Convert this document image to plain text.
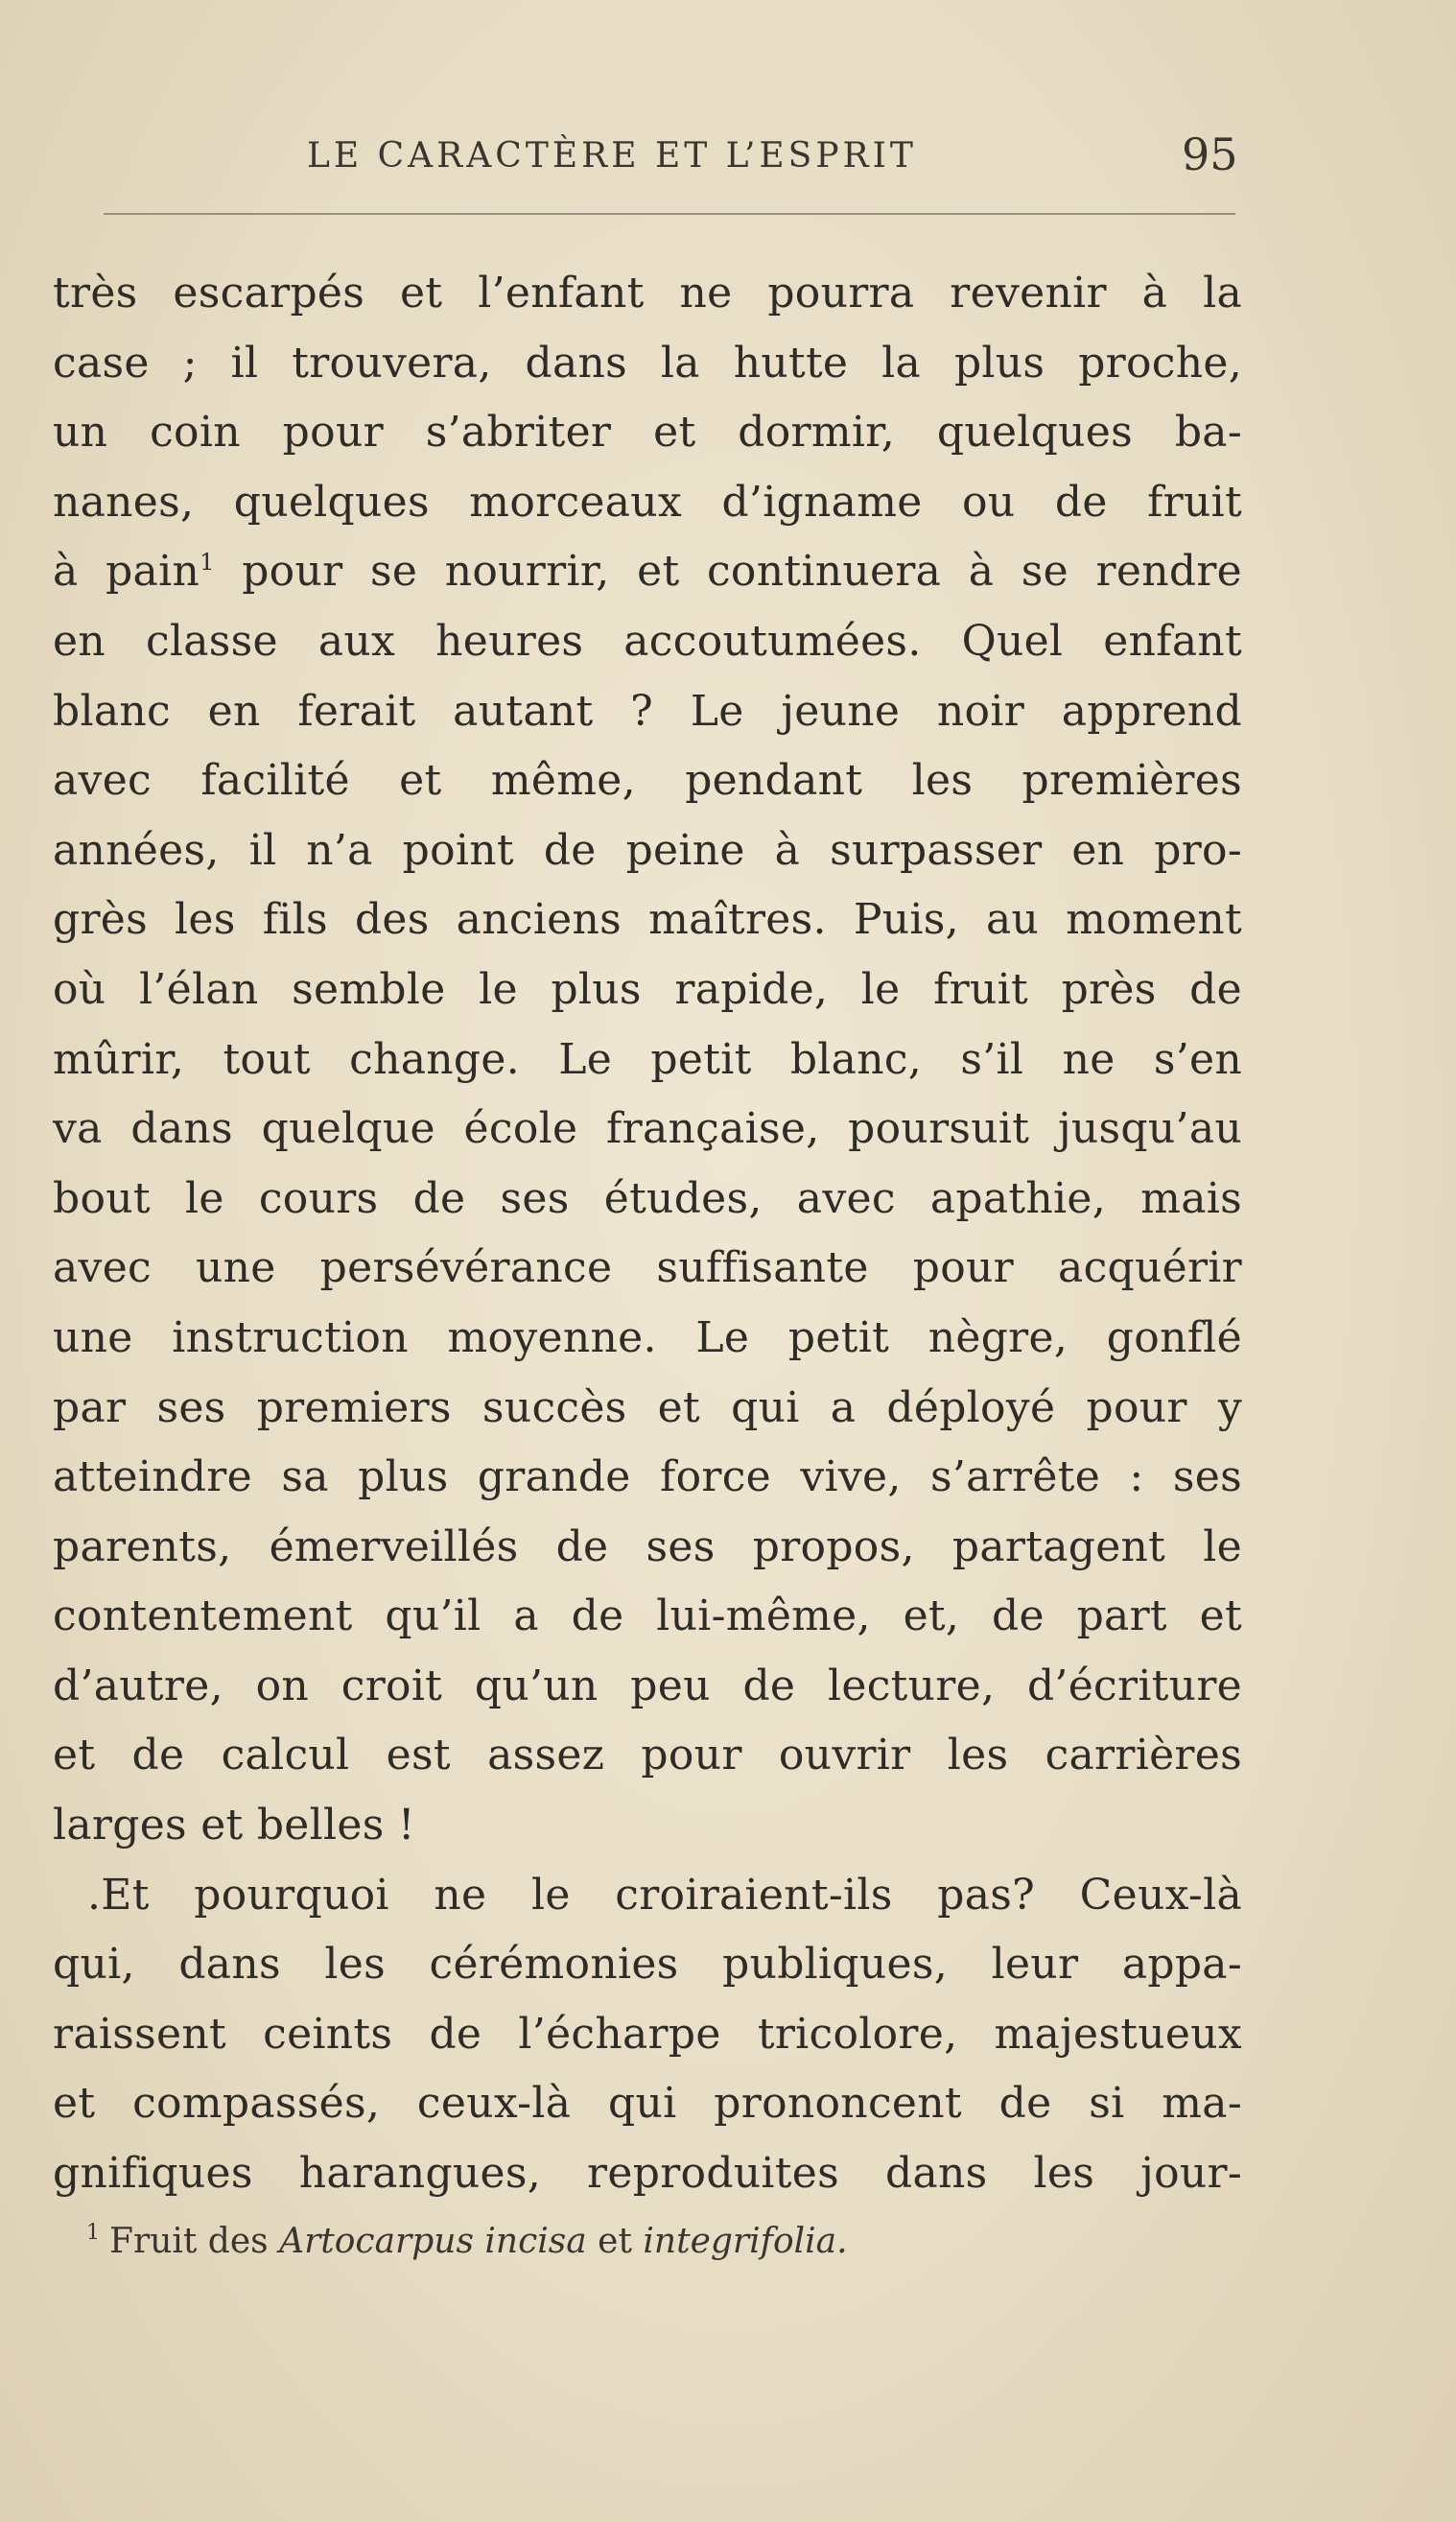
LE CARACTÈRE ET L’ESPRIT	95
très escarpés et l’enfant ne pourra revenir à la
case ; il trouvera, dans la hutte la plus proche,
un coin pour s’abriter et dormir, quelques ba-
nanes, quelques morceaux d’igname ou de fruit
à pain$^1$ pour se nourrir, et continuera à se rendre
en classe aux heures accoutumées. Quel enfant
blanc en ferait autant ? Le jeune noir apprend
avec facilité et même, pendant les premières
années, il n’a point de peine à surpasser en pro-
grès les fils des anciens maîtres. Puis, au moment
où l’élan semble le plus rapide, le fruit près de
mûrir, tout change. Le petit blanc, s’il ne s’en
va dans quelque école française, poursuit jusqu’au
bout le cours de ses études, avec apathie, mais
avec une persévérance suffisante pour acquérir
une instruction moyenne. Le petit nègre, gonflé
par ses premiers succès et qui a déployé pour y
atteindre sa plus grande force vive, s’arrête : ses
parents, émerveillés de ses propos, partagent le
contentement qu’il a de lui-même, et, de part et
d’autre, on croit qu’un peu de lecture, d’écriture
et de calcul est assez pour ouvrir les carrières
larges et belles !
.Et pourquoi ne le croiraient-ils pas? Ceux-là
qui, dans les cérémonies publiques, leur appa-
raissent ceints de l’écharpe tricolore, majestueux
et compassés, ceux-là qui prononcent de si ma-
gnifiques harangues, reproduites dans les jour-
$^1$ Fruit des Artocarpus incisa et integrifolia.
